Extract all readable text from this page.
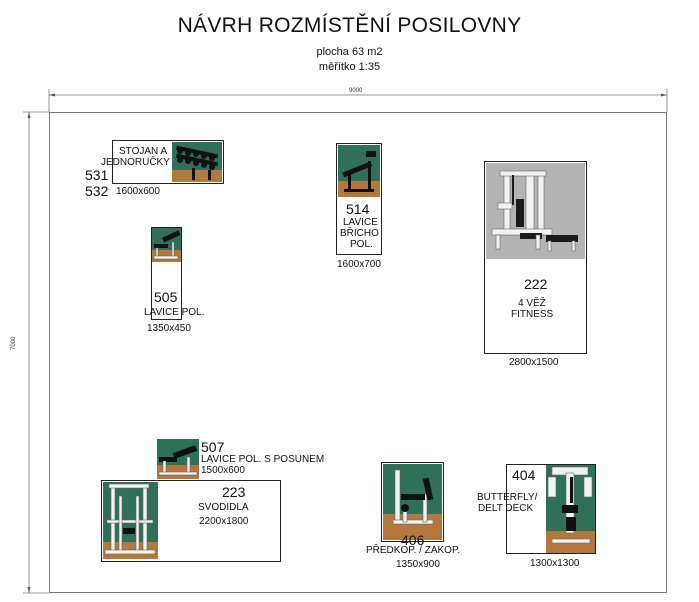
NÁVRH ROZMÍSTĚNÍ POSILOVNY
plocha 63 m2
měřítko 1:35
9000
7000
STOJAN A
JEDNORUČKY
531
532 1600x600
514
LAVICE
BŘICHO
POL.
1600x700
222
4 VĚŽ
FITNESS
2800x1500
505
LAVICE POL.
1350x450
507
LAVICE POL. S POSUNEM
1500x600
223
SVODIDLA
2200x1800
406
PŘEDKOP. / ZAKOP.
1350x900
404
BUTTERFLY/
DELT DECK
1300x1300
